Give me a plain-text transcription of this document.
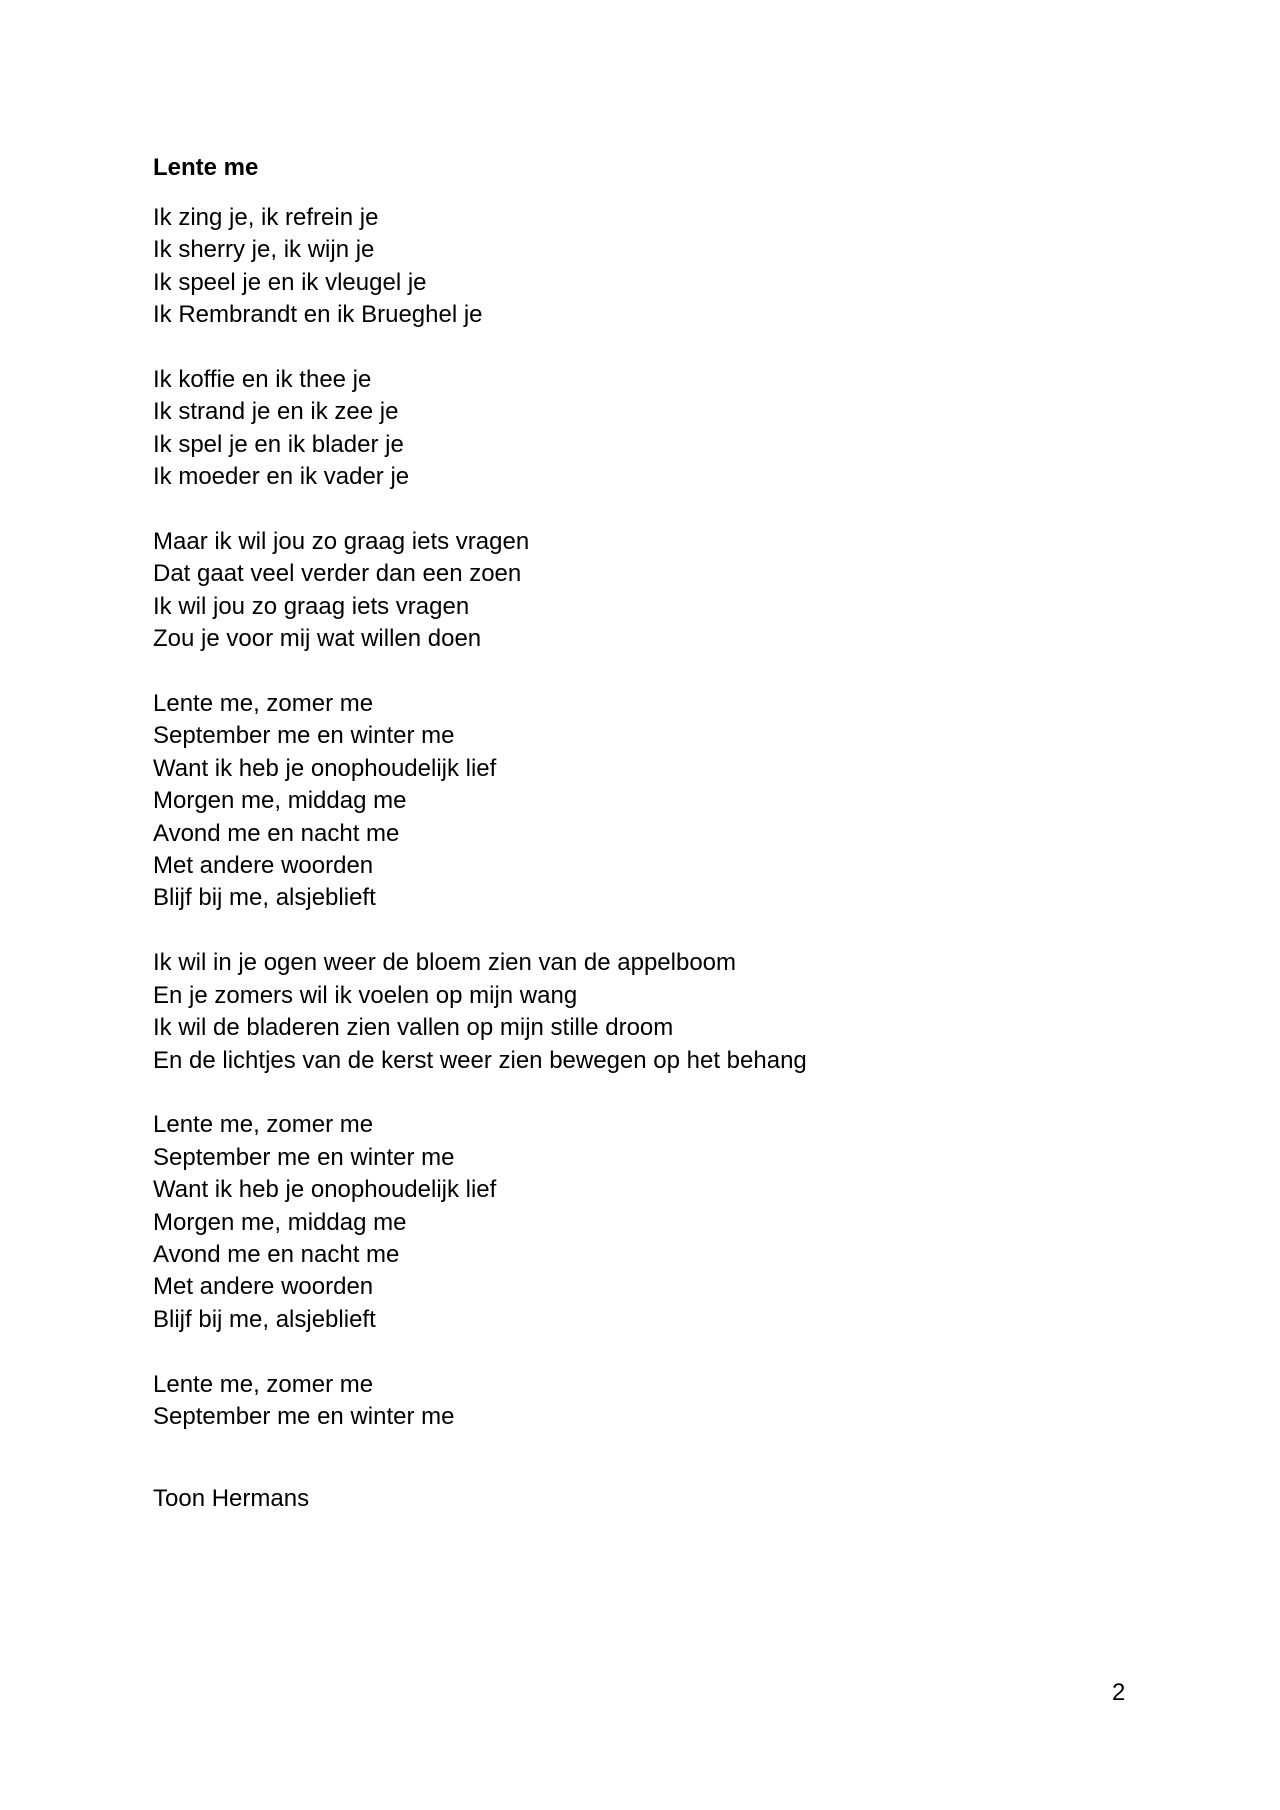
Lente me
Ik zing je, ik refrein je
Ik sherry je, ik wijn je
Ik speel je en ik vleugel je
Ik Rembrandt en ik Brueghel je
Ik koffie en ik thee je
Ik strand je en ik zee je
Ik spel je en ik blader je
Ik moeder en ik vader je
Maar ik wil jou zo graag iets vragen
Dat gaat veel verder dan een zoen
Ik wil jou zo graag iets vragen
Zou je voor mij wat willen doen
Lente me, zomer me
September me en winter me
Want ik heb je onophoudelijk lief
Morgen me, middag me
Avond me en nacht me
Met andere woorden
Blijf bij me, alsjeblieft
Ik wil in je ogen weer de bloem zien van de appelboom
En je zomers wil ik voelen op mijn wang
Ik wil de bladeren zien vallen op mijn stille droom
En de lichtjes van de kerst weer zien bewegen op het behang
Lente me, zomer me
September me en winter me
Want ik heb je onophoudelijk lief
Morgen me, middag me
Avond me en nacht me
Met andere woorden
Blijf bij me, alsjeblieft
Lente me, zomer me
September me en winter me
Toon Hermans
2
